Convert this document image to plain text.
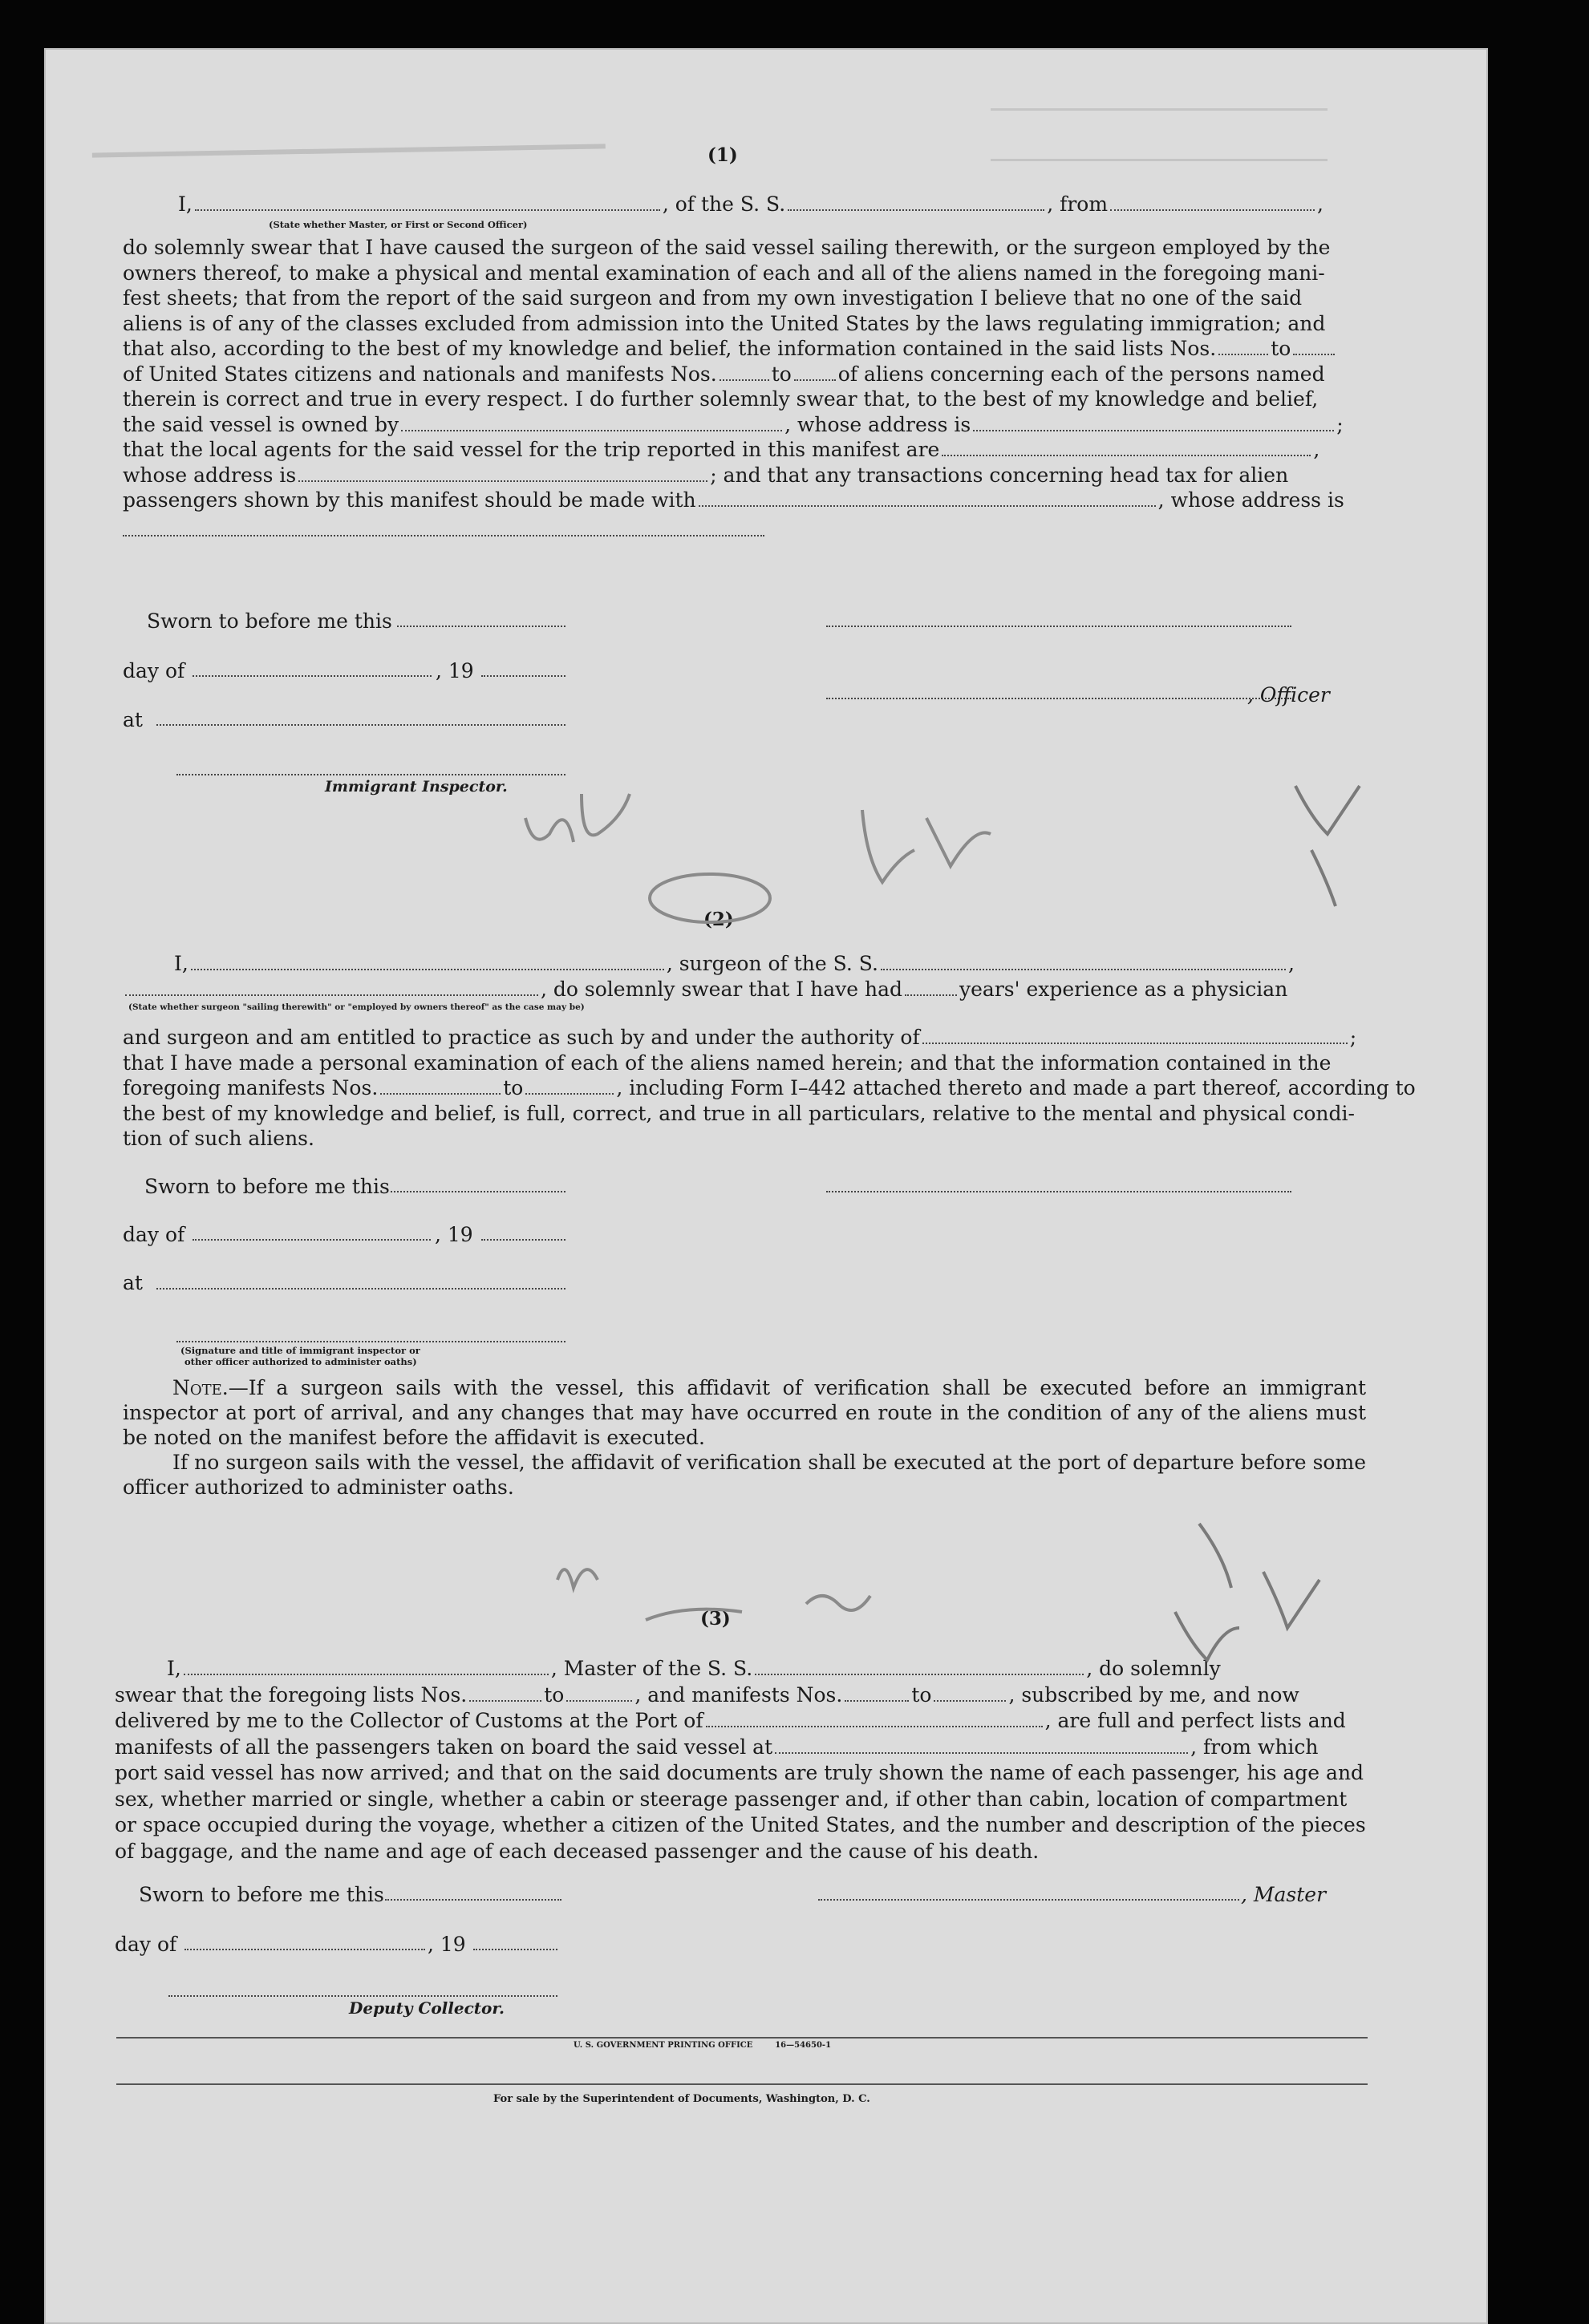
(1)
I,	, of the S. S.	, from	,
(State whether Master, or First or Second Officer)
do solemnly swear that I have caused the surgeon of the said vessel sailing therewith, or the surgeon employed by the
owners thereof, to make a physical and mental examination of each and all of the aliens named in the foregoing mani-
fest sheets; that from the report of the said surgeon and from my own investigation I believe that no one of the said
aliens is of any of the classes excluded from admission into the United States by the laws regulating immigration; and
that also, according to the best of my knowledge and belief, the information contained in the said lists Nos.	to
of United States citizens and nationals and manifests Nos.	to of aliens concerning each of the persons named
therein is correct and true in every respect. I do further solemnly swear that, to the best of my knowledge and belief,
the said vessel is owned by	, whose address is	;
that the local agents for the said vessel for the trip reported in this manifest are	,
whose address is	; and that any transactions concerning head tax for alien
passengers shown by this manifest should be made with	, whose address is
Sworn to before me this
day of	, 19
, Officer
at
Immigrant Inspector.
(2)
I,	, surgeon of the S. S.	,
, do solemnly swear that I have had	years' experience as a physician
(State whether surgeon "sailing therewith" or "employed by owners thereof" as the case may be)
and surgeon and am entitled to practice as such by and under the authority of	;
that I have made a personal examination of each of the aliens named herein; and that the information contained in the
foregoing manifests Nos.	to	, including Form I–442 attached thereto and made a part thereof, according to
the best of my knowledge and belief, is full, correct, and true in all particulars, relative to the mental and physical condi-
tion of such aliens.
Sworn to before me this
day of	, 19
at
(Signature and title of immigrant inspector or
other officer authorized to administer oaths)
Note.—If a surgeon sails with the vessel, this affidavit of verification shall be executed before an immigrant inspector at port of arrival, and any changes that may have occurred en route in the condition of any of the aliens must be noted on the manifest before the affidavit is executed.
If no surgeon sails with the vessel, the affidavit of verification shall be executed at the port of departure before some officer authorized to administer oaths.
(3)
I,	, Master of the S. S.	, do solemnly
swear that the foregoing lists Nos.	to	, and manifests Nos.	to	, subscribed by me, and now
delivered by me to the Collector of Customs at the Port of	, are full and perfect lists and
manifests of all the passengers taken on board the said vessel at	, from which
port said vessel has now arrived; and that on the said documents are truly shown the name of each passenger, his age and
sex, whether married or single, whether a cabin or steerage passenger and, if other than cabin, location of compartment
or space occupied during the voyage, whether a citizen of the United States, and the number and description of the pieces
of baggage, and the name and age of each deceased passenger and the cause of his death.
Sworn to before me this	, Master
day of	, 19
Deputy Collector.
U. S. GOVERNMENT PRINTING OFFICE        16—54650-1
For sale by the Superintendent of Documents, Washington, D. C.
